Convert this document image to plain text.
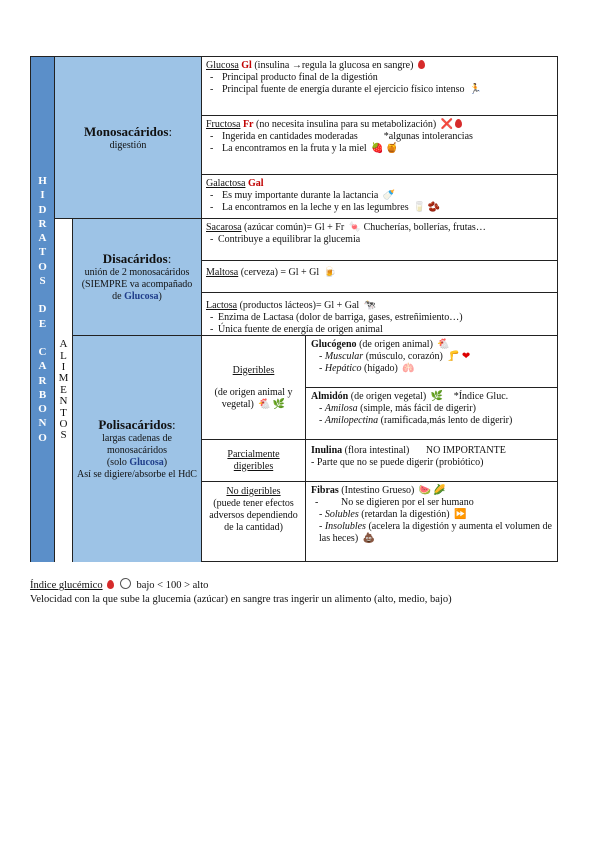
H
I
D
R
A
T
O
S
D
E
C
A
R
B
O
N
O
Monosacáridos:
digestión
Glucosa Gl (insulina →regula la glucosa en sangre)
- Principal producto final de la digestión
- Principal fuente de energía durante el ejercicio físico intenso 🏃
Fructosa Fr (no necesita insulina para su metabolización) ❌
- Ingerida en cantidades moderadas	*algunas intolerancias
- La encontramos en la fruta y la miel 🍓 🍯
Galactosa Gal
- Es muy importante durante la lactancia 🍼
- La encontramos en la leche y en las legumbres 🥛 🫘
A
L
I
M
E
N
T
O
S
Disacáridos:
unión de 2 monosacáridos (SIEMPRE va acompañado de Glucosa)
Sacarosa (azúcar común)= Gl + Fr 🍬 Chucherías, bollerías, frutas…
- Contribuye a equilibrar la glucemia
Maltosa (cerveza) = Gl + Gl 🍺
Lactosa (productos lácteos)= Gl + Gal 🐄
- Enzima de Lactasa (dolor de barriga, gases, estreñimiento…)
- Única fuente de energía de origen animal
Polisacáridos:
largas cadenas de monosacáridos
(solo Glucosa)
Así se digiere/absorbe el HdC
Digeribles
(de origen animal y vegetal) 🐔 🌿
Glucógeno (de origen animal) 🐔
- Muscular (músculo, corazón) 🦵 ❤
- Hepático (hígado) 🫁
Almidón (de origen vegetal) 🌿 *Índice Gluc.
- Amilosa (simple, más fácil de digerir)
- Amilopectina (ramificada,más lento de digerir)
Parcialmente digeribles
Inulina (flora intestinal) NO IMPORTANTE
- Parte que no se puede digerir (probiótico)
No digeribles
(puede tener efectos adversos dependiendo de la cantidad)
Fibras (Intestino Grueso) 🍉 🌽
- No se digieren por el ser humano
- Solubles (retardan la digestión) ⏩
- Insolubles (acelera la digestión y aumenta el volumen de las heces) 💩
Índice glucémico	bajo < 100 > alto
Velocidad con la que sube la glucemia (azúcar) en sangre tras ingerir un alimento (alto, medio, bajo)
